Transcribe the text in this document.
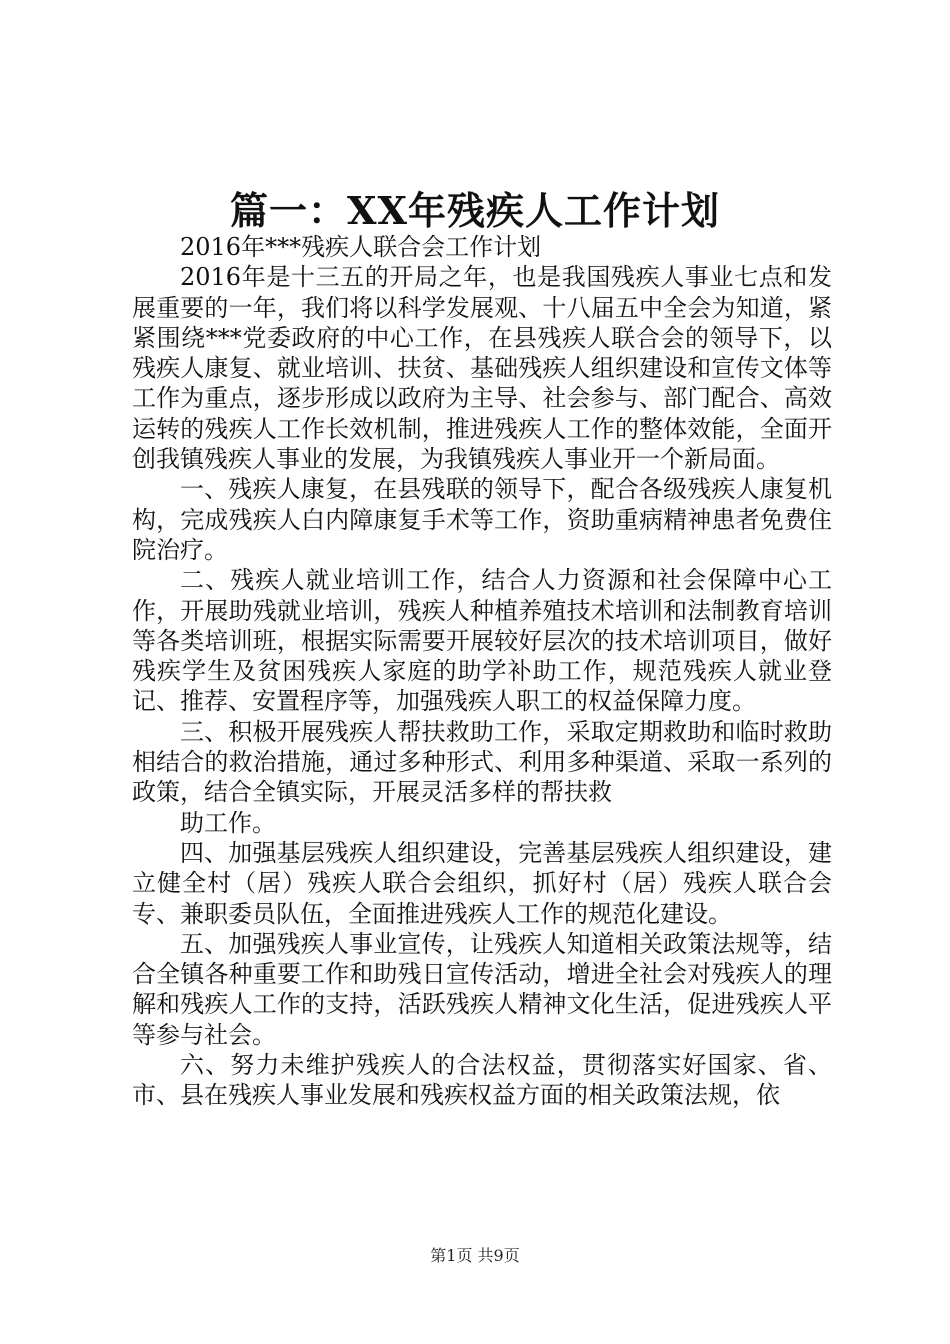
篇一：XX年残疾人工作计划

2016年***残疾人联合会工作计划

2016年是十三五的开局之年，也是我国残疾人事业七点和发展重要的一年，我们将以科学发展观、十八届五中全会为知道，紧紧围绕***党委政府的中心工作，在县残疾人联合会的领导下，以残疾人康复、就业培训、扶贫、基础残疾人组织建设和宣传文体等工作为重点，逐步形成以政府为主导、社会参与、部门配合、高效运转的残疾人工作长效机制，推进残疾人工作的整体效能，全面开创我镇残疾人事业的发展，为我镇残疾人事业开一个新局面。

一、残疾人康复，在县残联的领导下，配合各级残疾人康复机构，完成残疾人白内障康复手术等工作，资助重病精神患者免费住院治疗。

二、残疾人就业培训工作，结合人力资源和社会保障中心工作，开展助残就业培训，残疾人种植养殖技术培训和法制教育培训等各类培训班，根据实际需要开展较好层次的技术培训项目，做好残疾学生及贫困残疾人家庭的助学补助工作，规范残疾人就业登记、推荐、安置程序等，加强残疾人职工的权益保障力度。

三、积极开展残疾人帮扶救助工作，采取定期救助和临时救助相结合的救治措施，通过多种形式、利用多种渠道、采取一系列的政策，结合全镇实际，开展灵活多样的帮扶救

助工作。

四、加强基层残疾人组织建设，完善基层残疾人组织建设，建立健全村（居）残疾人联合会组织，抓好村（居）残疾人联合会专、兼职委员队伍，全面推进残疾人工作的规范化建设。

五、加强残疾人事业宣传，让残疾人知道相关政策法规等，结合全镇各种重要工作和助残日宣传活动，增进全社会对残疾人的理解和残疾人工作的支持，活跃残疾人精神文化生活，促进残疾人平等参与社会。

六、努力未维护残疾人的合法权益，贯彻落实好国家、省、市、县在残疾人事业发展和残疾权益方面的相关政策法规，依

第1页 共9页
